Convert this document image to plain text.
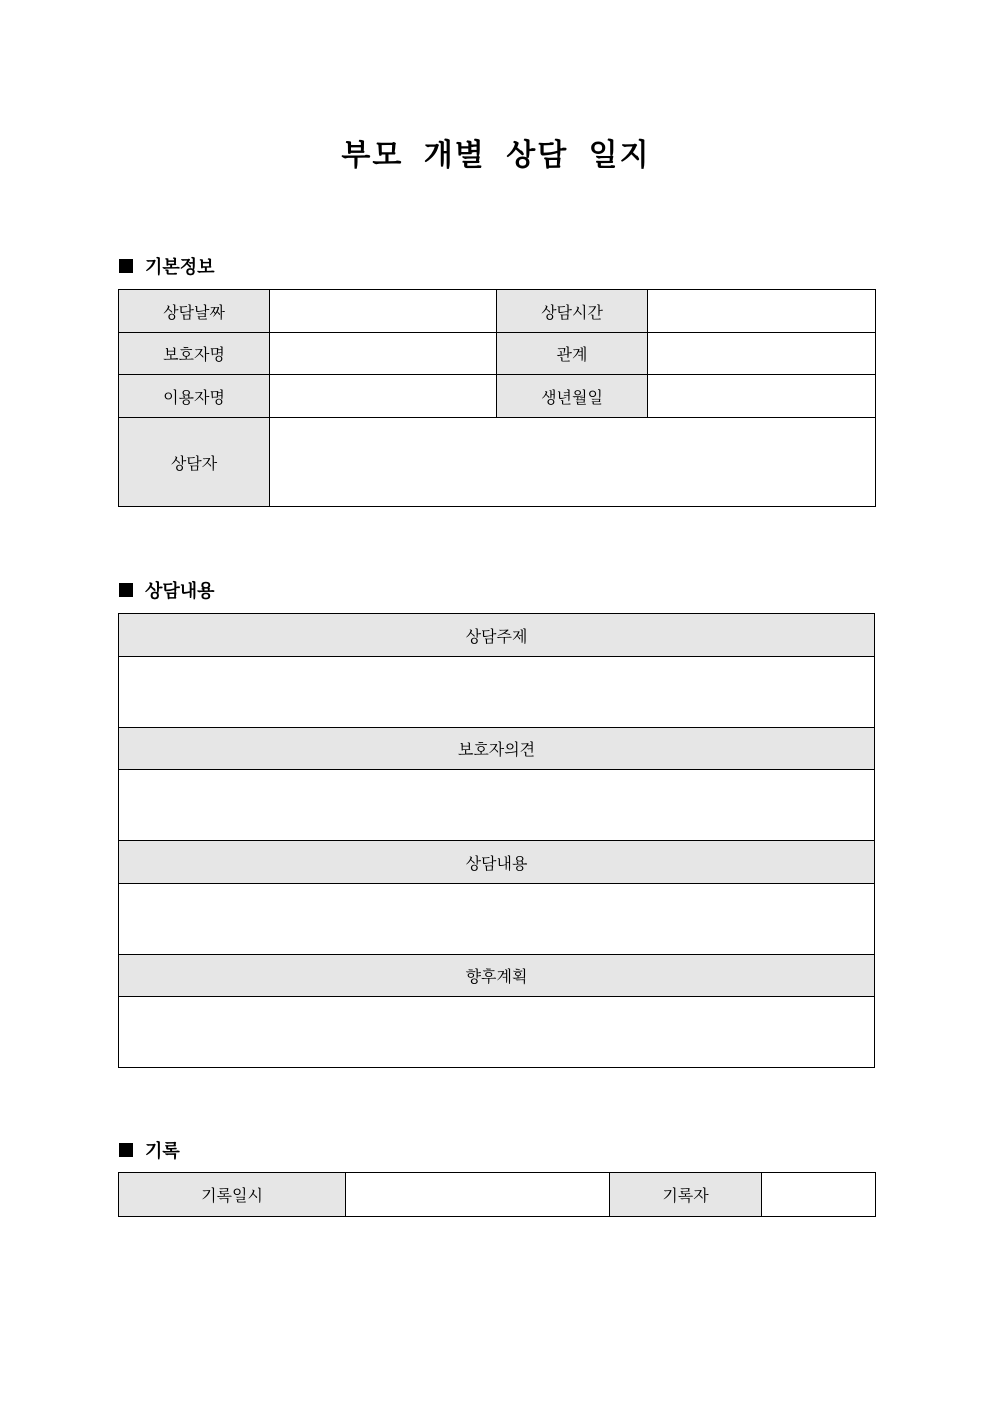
부모 개별 상담 일지
기본정보
상담날짜		상담시간	
보호자명		관계	
이용자명		생년월일	
상담자			
상담내용
상담주제

보호자의견

상담내용

향후계획

기록
기록일시		기록자	
